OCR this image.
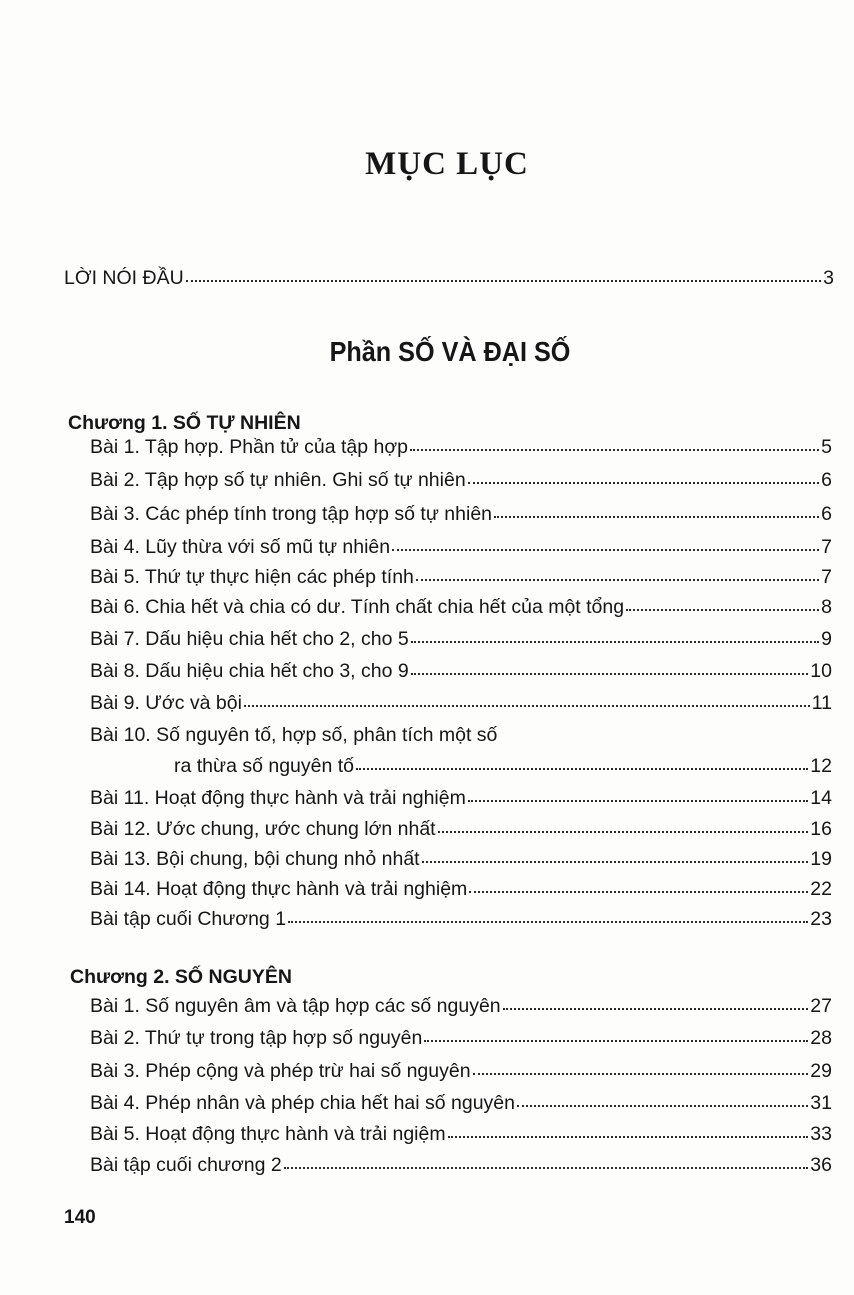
MỤC LỤC
LỜI NÓI ĐẦU	3
Phần SỐ VÀ ĐẠI SỐ
Chương 1. SỐ TỰ NHIÊN
Bài 1. Tập hợp. Phần tử của tập hợp	5
Bài 2. Tập hợp số tự nhiên. Ghi số tự nhiên	6
Bài 3. Các phép tính trong tập hợp số tự nhiên	6
Bài 4. Lũy thừa với số mũ tự nhiên	7
Bài 5. Thứ tự thực hiện các phép tính	7
Bài 6. Chia hết và chia có dư. Tính chất chia hết của một tổng	8
Bài 7. Dấu hiệu chia hết cho 2, cho 5	9
Bài 8. Dấu hiệu chia hết cho 3, cho 9	10
Bài 9. Ước và bội	11
Bài 10. Số nguyên tố, hợp số, phân tích một số
ra thừa số nguyên tố	12
Bài 11. Hoạt động thực hành và trải nghiệm	14
Bài 12. Ước chung, ước chung lớn nhất	16
Bài 13. Bội chung, bội chung nhỏ nhất	19
Bài 14. Hoạt động thực hành và trải nghiệm	22
Bài tập cuối Chương 1	23
Chương 2. SỐ NGUYÊN
Bài 1. Số nguyên âm và tập hợp các số nguyên	27
Bài 2. Thứ tự trong tập hợp số nguyên	28
Bài 3. Phép cộng và phép trừ hai số nguyên	29
Bài 4. Phép nhân và phép chia hết hai số nguyên	31
Bài 5. Hoạt động thực hành và trải ngiệm	33
Bài tập cuối chương 2	36
140
